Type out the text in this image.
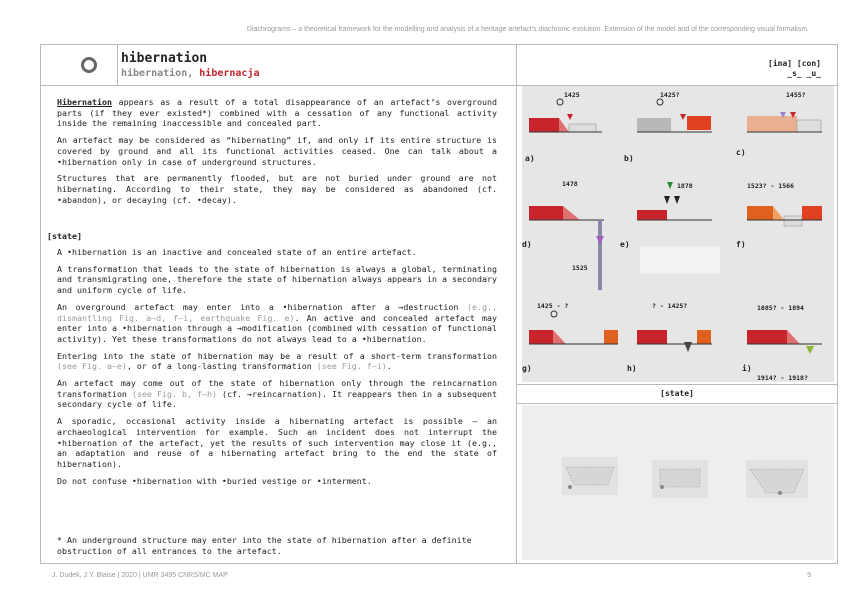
Diachrograms – a theoretical framework for the modelling and analysis of a heritage artefact’s diachronic evolution. Extension of the model and of the corresponding visual formalism.
hibernation
hibernation, hibernacja

Hibernation appears as a result of a total disappearance of an artefact’s overground parts (if they ever existed*) combined with a cessation of any functional activity inside the remaining inaccessible and concealed part.

An artefact may be considered as “hibernating” if, and only if its entire structure is covered by ground and all its functional activities ceased. One can talk about a •hibernation only in case of underground structures.

Structures that are permanently flooded, but are not buried under ground are not hibernating. According to their state, they may be considered as abandoned (cf. •abandon), or decaying (cf. •decay).

[state]

A •hibernation is an inactive and concealed state of an entire artefact.

A transformation that leads to the state of hibernation is always a global, terminating and transmigrating one, therefore the state of hibernation always appears in a secondary and uniform cycle of life.

An overground artefact may enter into a •hibernation after a →destruction (e.g., dismantling Fig. a–d, f–i, earthquake Fig. e). An active and concealed artefact may enter into a •hibernation through a →modification (combined with cessation of functional activity). Yet these transformations do not always lead to a •hibernation.

Entering into the state of hibernation may be a result of a short-term transformation (see Fig. a–e), or of a long-lasting transformation (see Fig. f–i).

An artefact may come out of the state of hibernation only through the reincarnation transformation (see Fig. b, f–h) (cf. →reincarnation). It reappears then in a subsequent secondary cycle of life.

A sporadic, occasional activity inside a hibernating artefact is possible – an archaeological intervention for example. Such an incident does not interrupt the •hibernation of the artefact, yet the results of such intervention may close it (e.g., an adaptation and reuse of a hibernating artefact bring to the end the state of hibernation).

Do not confuse •hibernation with •buried vestige or •interment.

* An underground structure may enter into the state of hibernation after a definite obstruction of all entrances to the artefact.
[ina] [con]
_s_ _u_
a)	b)
c)
d)	e)	f)
g)	h)	i)
1425	1425?	1455?
1478	1878	1523? - 1566
1425 - ?	? - 1425?	1085? - 1894
1525
1914? - 1918?
[state]
J. Dudek, J.Y. Blaise | 2020 | UMR 3495 CNRS/MC MAP	9
